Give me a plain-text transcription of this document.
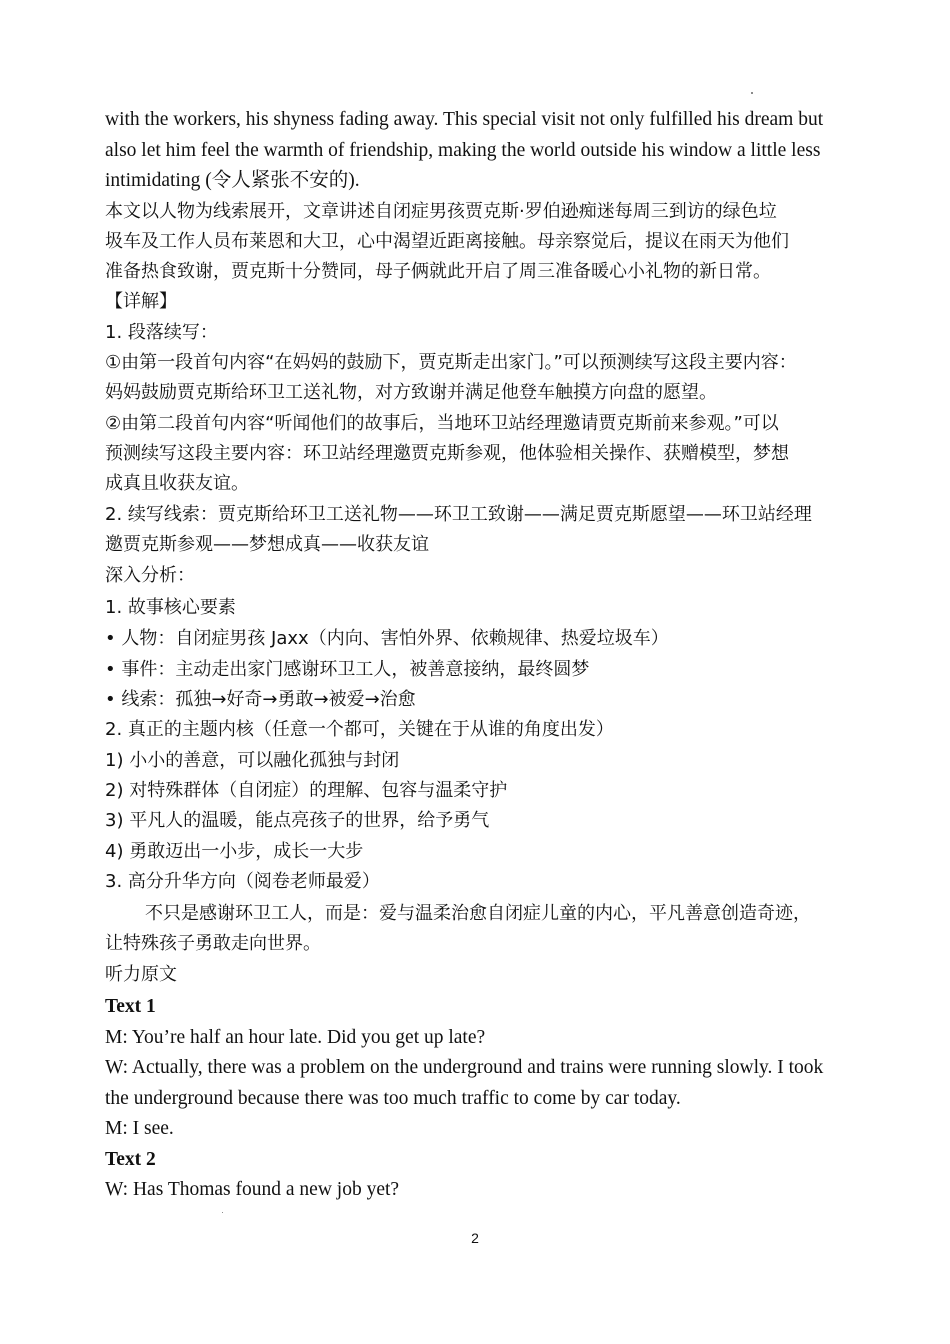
with the workers, his shyness fading away. This special visit not only fulfilled his dream but
also let him feel the warmth of friendship, making the world outside his window a little less
intimidating (令人紧张不安的).
本文以人物为线索展开，文章讲述自闭症男孩贾克斯·罗伯逊痴迷每周三到访的绿色垃
圾车及工作人员布莱恩和大卫，心中渴望近距离接触。母亲察觉后，提议在雨天为他们
准备热食致谢，贾克斯十分赞同，母子俩就此开启了周三准备暖心小礼物的新日常。
【详解】
1. 段落续写：
①由第一段首句内容“在妈妈的鼓励下，贾克斯走出家门。”可以预测续写这段主要内容：
妈妈鼓励贾克斯给环卫工送礼物，对方致谢并满足他登车触摸方向盘的愿望。
②由第二段首句内容“听闻他们的故事后，当地环卫站经理邀请贾克斯前来参观。”可以
预测续写这段主要内容：环卫站经理邀贾克斯参观，他体验相关操作、获赠模型，梦想
成真且收获友谊。
2. 续写线索：贾克斯给环卫工送礼物——环卫工致谢——满足贾克斯愿望——环卫站经理
邀贾克斯参观——梦想成真——收获友谊
深入分析：
1. 故事核心要素
• 人物：自闭症男孩 Jaxx（内向、害怕外界、依赖规律、热爱垃圾车）
• 事件：主动走出家门感谢环卫工人，被善意接纳，最终圆梦
• 线索：孤独→好奇→勇敢→被爱→治愈
2. 真正的主题内核（任意一个都可，关键在于从谁的角度出发）
1) 小小的善意，可以融化孤独与封闭
2) 对特殊群体（自闭症）的理解、包容与温柔守护
3) 平凡人的温暖，能点亮孩子的世界，给予勇气
4) 勇敢迈出一小步，成长一大步
3. 高分升华方向（阅卷老师最爱）
不只是感谢环卫工人，而是：爱与温柔治愈自闭症儿童的内心，平凡善意创造奇迹，
让特殊孩子勇敢走向世界。
听力原文
Text 1
M: You’re half an hour late. Did you get up late?
W: Actually, there was a problem on the underground and trains were running slowly. I took
the underground because there was too much traffic to come by car today.
M: I see.
Text 2
W: Has Thomas found a new job yet?
2
